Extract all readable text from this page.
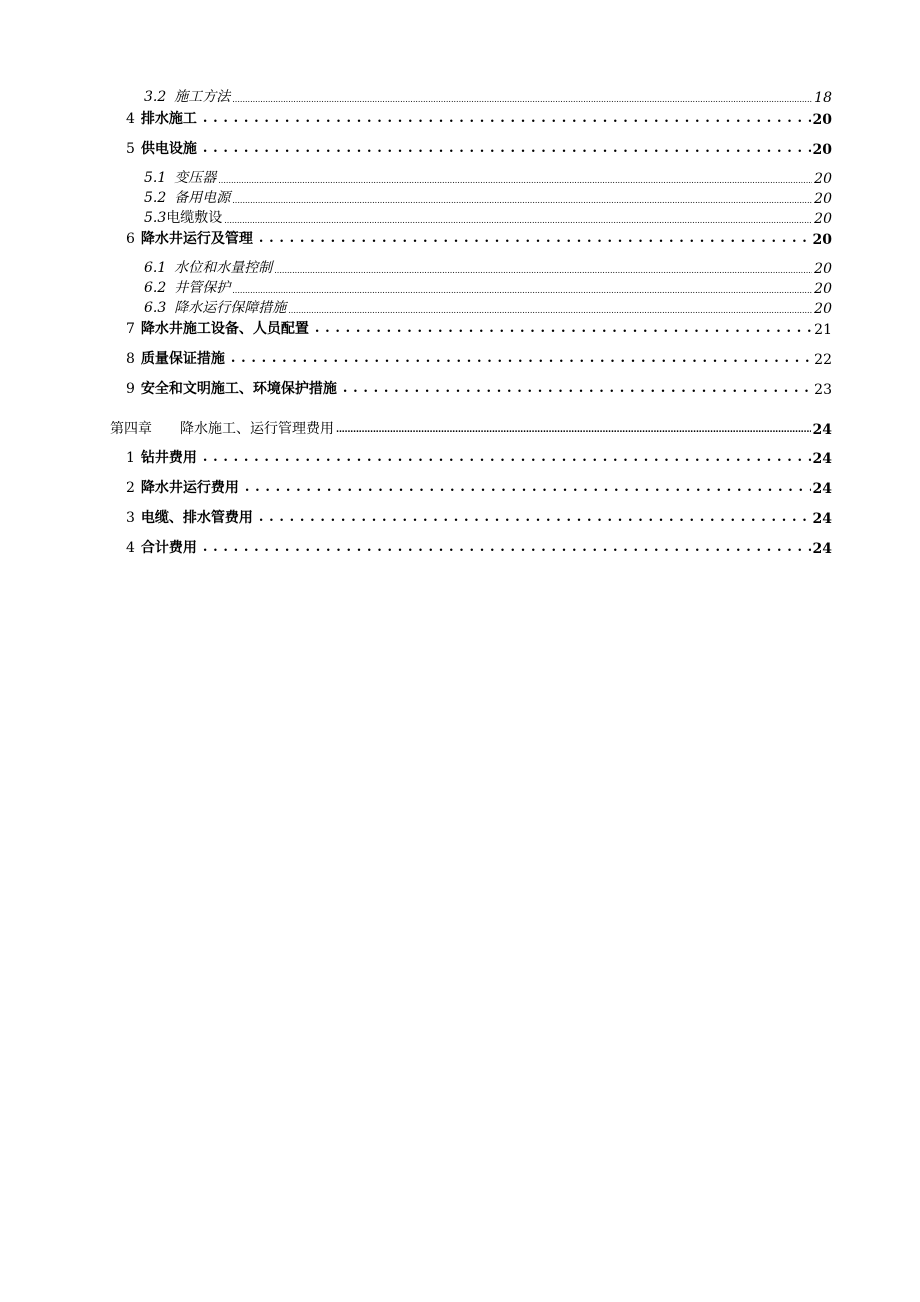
3.2 施工方法 .....	18
4 排水施工 . . .	20
5 供电设施 . . .	20
5.1 变压器 .....	20
5.2 备用电源 .....	20
5.3电缆敷设 .....	20
6 降水井运行及管理 . . .	20
6.1 水位和水量控制 .....	20
6.2 井管保护 .....	20
6.3 降水运行保障措施 .....	20
7 降水井施工设备、人员配置 . . .	21
8 质量保证措施 . . .	22
9 安全和文明施工、环境保护措施 . . .	23
第四章 降水施工、运行管理费用 .....	24
1 钻井费用 . . .	24
2 降水井运行费用 . . .	24
3 电缆、排水管费用 . . .	24
4 合计费用 . . .	24
